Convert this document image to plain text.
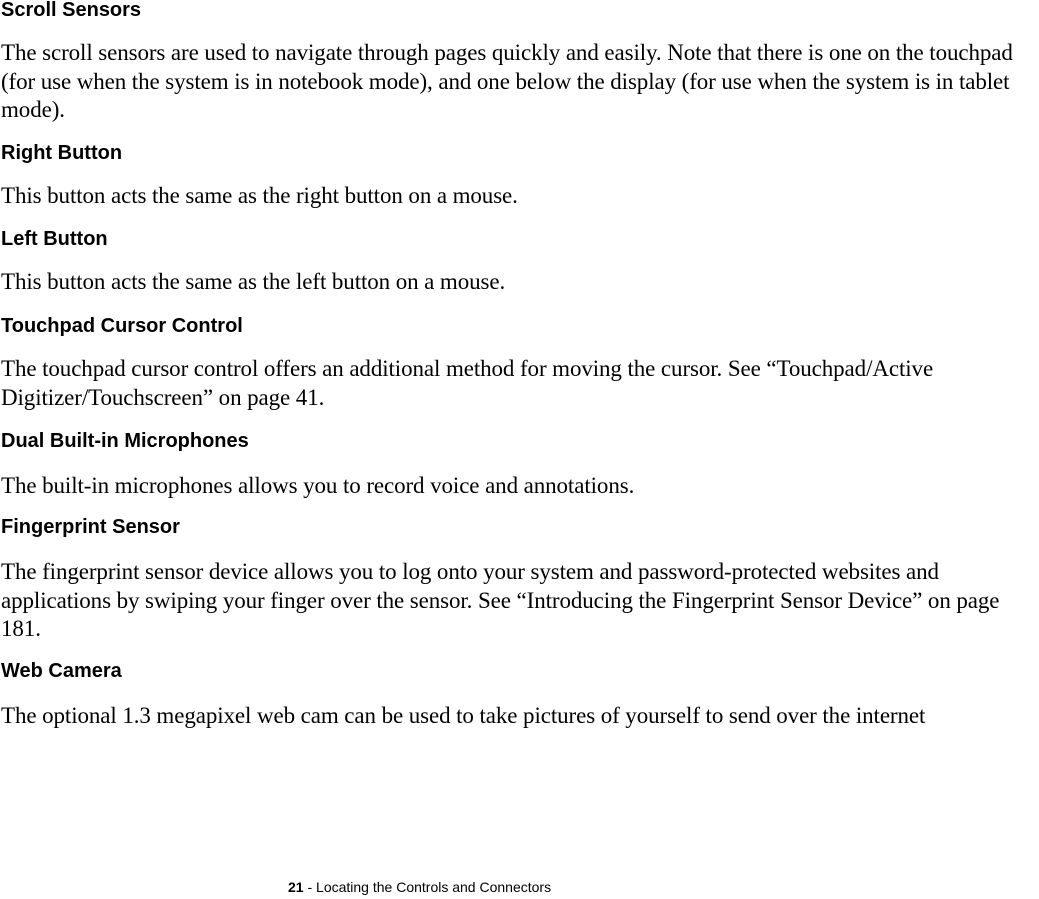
Scroll Sensors

The scroll sensors are used to navigate through pages quickly and easily. Note that there is one on the touchpad (for use when the system is in notebook mode), and one below the display (for use when the system is in tablet mode).

Right Button

This button acts the same as the right button on a mouse.

Left Button

This button acts the same as the left button on a mouse.

Touchpad Cursor Control

The touchpad cursor control offers an additional method for moving the cursor. See “Touchpad/Active Digitizer/Touchscreen” on page 41.

Dual Built-in Microphones

The built-in microphones allows you to record voice and annotations.

Fingerprint Sensor

The fingerprint sensor device allows you to log onto your system and password-protected websites and applications by swiping your finger over the sensor. See “Introducing the Fingerprint Sensor Device” on page 181.

Web Camera

The optional 1.3 megapixel web cam can be used to take pictures of yourself to send over the internet

21 - Locating the Controls and Connectors
